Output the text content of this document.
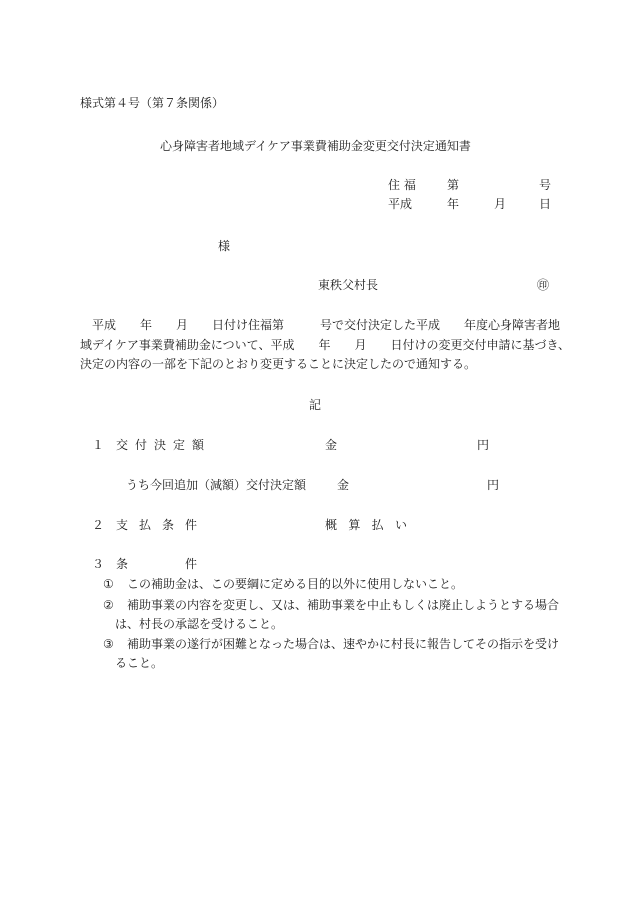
様式第４号（第７条関係）
心身障害者地域デイケア事業費補助金変更交付決定通知書
住 福	第	号
平成	年	月	日
様
東秩父村長	㊞
平成　　年　　月　　日付け住福第　　　号で交付決定した平成　　年度心身障害者地
域デイケア事業費補助金について、平成　　年　　月　　日付けの変更交付申請に基づき、
決定の内容の一部を下記のとおり変更することに決定したので通知する。
記
１ 交 付 決 定 額	金	円
うち今回追加（減額）交付決定額	金	円
２ 支 払 条 件	概 算 払 い
３ 条	件
① この補助金は、この要綱に定める目的以外に使用しないこと。
② 補助事業の内容を変更し、又は、補助事業を中止もしくは廃止しようとする場合
は、村長の承認を受けること。
③ 補助事業の遂行が困難となった場合は、速やかに村長に報告してその指示を受け
ること。
